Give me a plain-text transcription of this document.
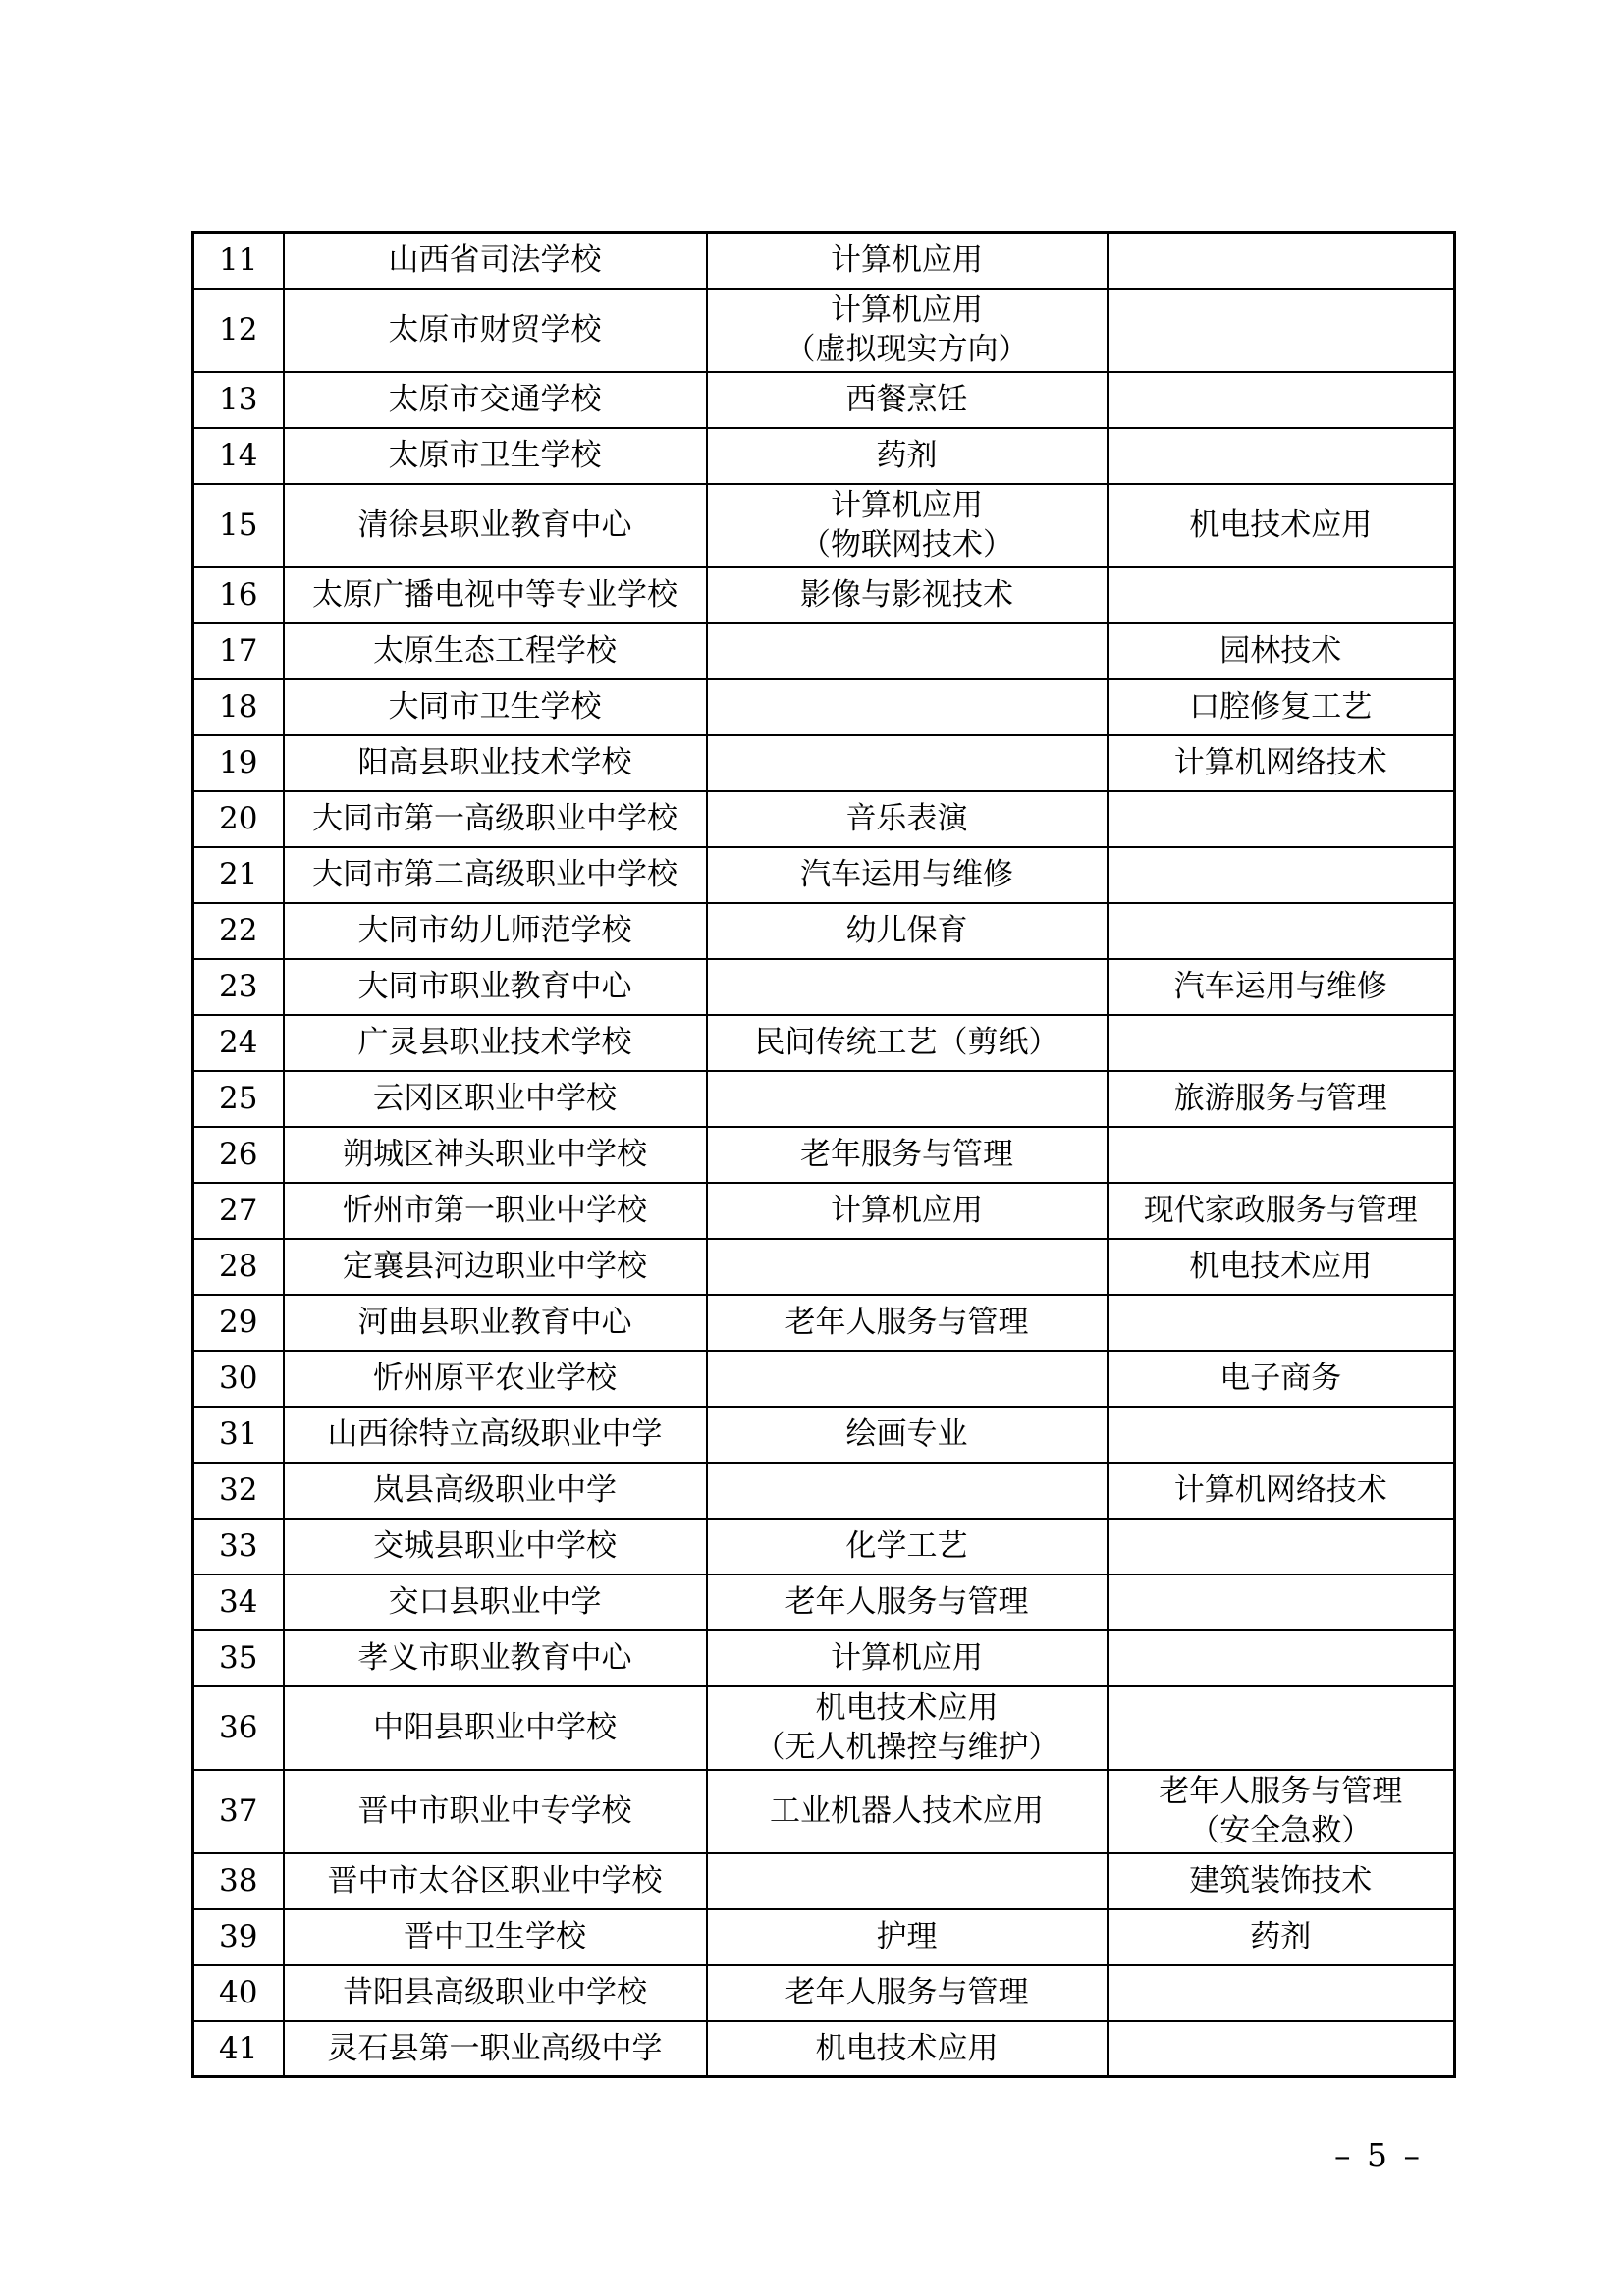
11	山西省司法学校	计算机应用	

12	太原市财贸学校	计算机应用
（虚拟现实方向）	

13	太原市交通学校	西餐烹饪	

14	太原市卫生学校	药剂	

15	清徐县职业教育中心	计算机应用
（物联网技术）	机电技术应用

16	太原广播电视中等专业学校	影像与影视技术	

17	太原生态工程学校		园林技术

18	大同市卫生学校		口腔修复工艺

19	阳高县职业技术学校		计算机网络技术

20	大同市第一高级职业中学校	音乐表演	

21	大同市第二高级职业中学校	汽车运用与维修	

22	大同市幼儿师范学校	幼儿保育	

23	大同市职业教育中心		汽车运用与维修

24	广灵县职业技术学校	民间传统工艺（剪纸）	

25	云冈区职业中学校		旅游服务与管理

26	朔城区神头职业中学校	老年服务与管理	

27	忻州市第一职业中学校	计算机应用	现代家政服务与管理

28	定襄县河边职业中学校		机电技术应用

29	河曲县职业教育中心	老年人服务与管理	

30	忻州原平农业学校		电子商务

31	山西徐特立高级职业中学	绘画专业	

32	岚县高级职业中学		计算机网络技术

33	交城县职业中学校	化学工艺	

34	交口县职业中学	老年人服务与管理	

35	孝义市职业教育中心	计算机应用	

36	中阳县职业中学校	机电技术应用
（无人机操控与维护）	

37	晋中市职业中专学校	工业机器人技术应用	老年人服务与管理
（安全急救）

38	晋中市太谷区职业中学校		建筑装饰技术

39	晋中卫生学校	护理	药剂

40	昔阳县高级职业中学校	老年人服务与管理	

41	灵石县第一职业高级中学	机电技术应用	

– 5 –
